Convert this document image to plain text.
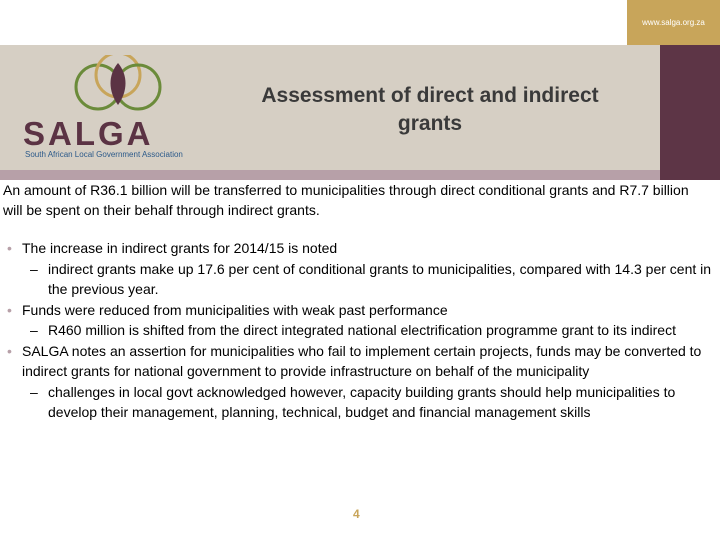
www.salga.org.za
SALGA
South African Local Government Association
Assessment of direct and indirect grants
An amount of R36.1 billion will be transferred to municipalities through direct conditional grants and R7.7 billion will be spent on their behalf through indirect grants.
• The increase in indirect grants for 2014/15 is noted
– indirect grants make up 17.6 per cent of conditional grants to municipalities, compared with 14.3 per cent in the previous year.
• Funds were reduced from municipalities with weak past performance
– R460 million is shifted from the direct integrated national electrification programme grant to its indirect
• SALGA notes an assertion for municipalities who fail to implement certain projects, funds may be converted to indirect grants for national government to provide infrastructure on behalf of the municipality
– challenges in local govt acknowledged however, capacity building grants should help municipalities to develop their management, planning, technical, budget and financial management skills
4
